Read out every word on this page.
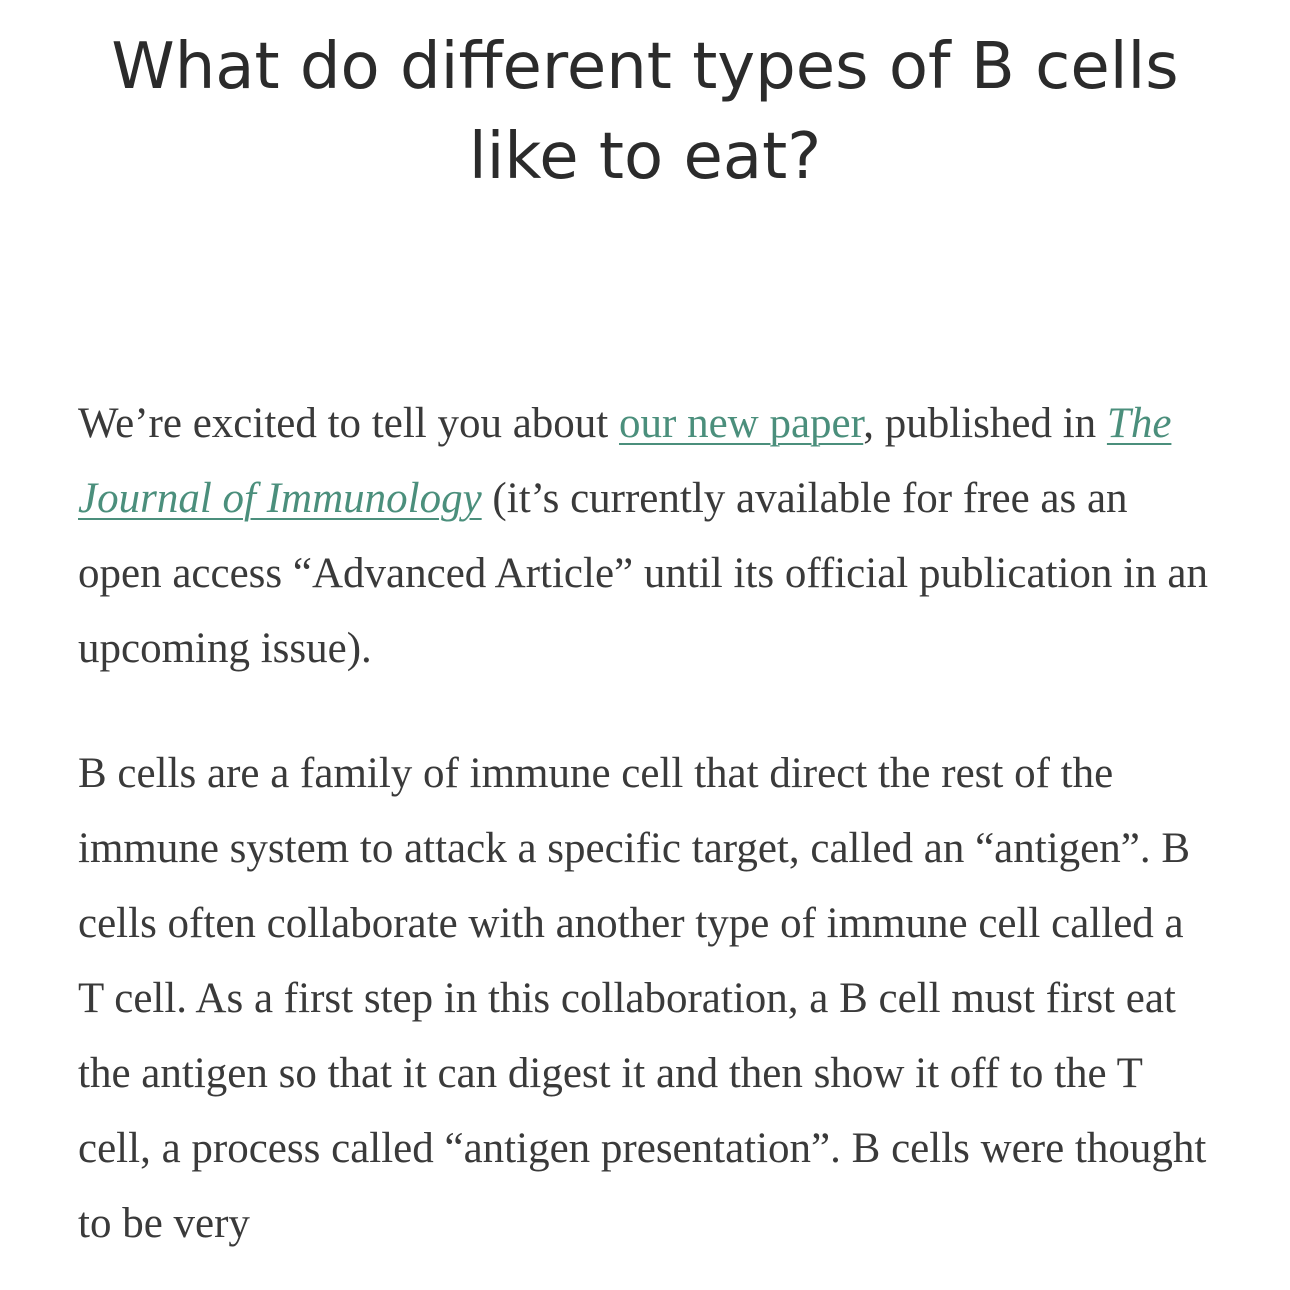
What do different types of B cells like to eat?

We’re excited to tell you about our new paper, published in The Journal of Immunology (it’s currently available for free as an open access “Advanced Article” until its official publication in an upcoming issue).

B cells are a family of immune cell that direct the rest of the immune system to attack a specific target, called an “antigen”. B cells often collaborate with another type of immune cell called a T cell. As a first step in this collaboration, a B cell must first eat the antigen so that it can digest it and then show it off to the T cell, a process called “antigen presentation”. B cells were thought to be very
